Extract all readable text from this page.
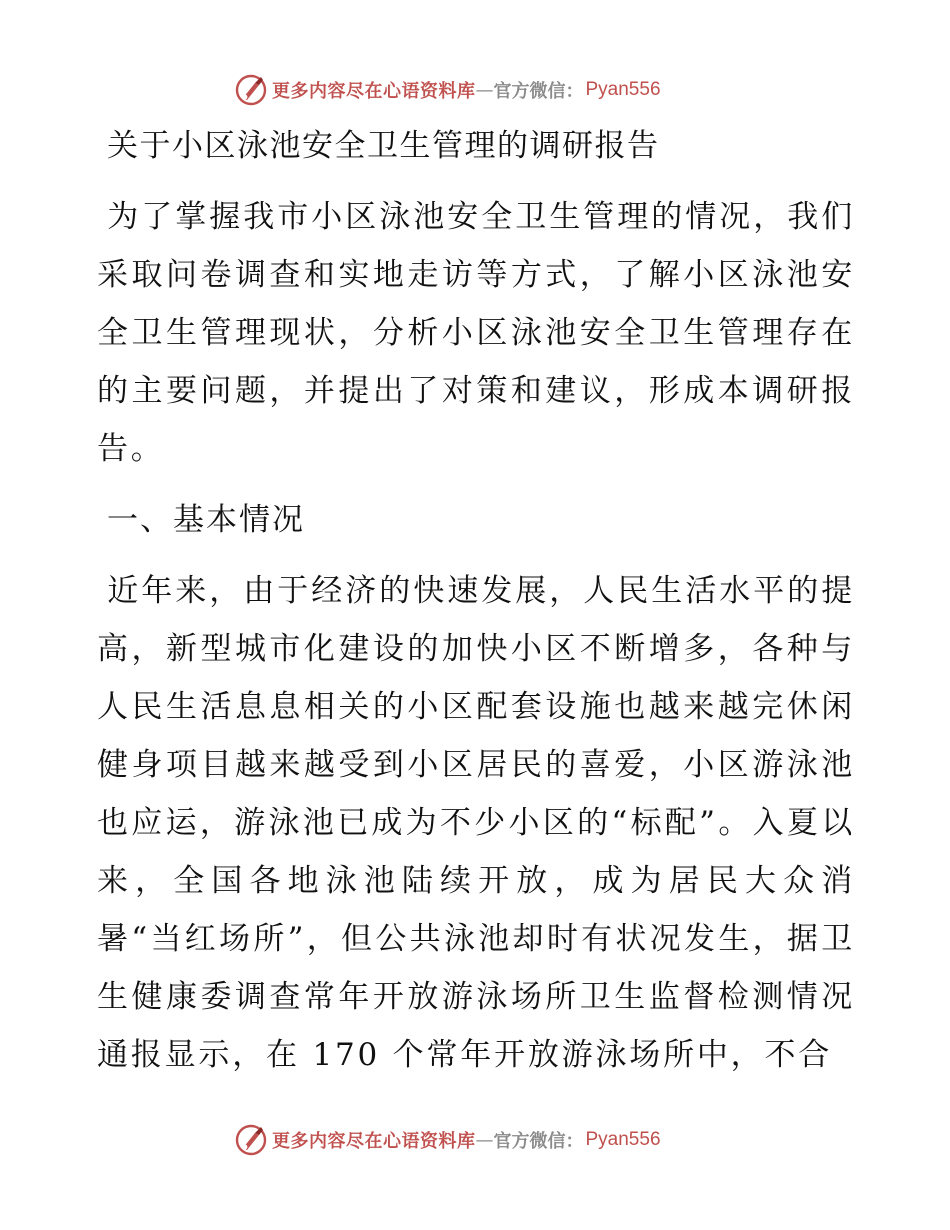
更多内容尽在心语资料库 — 官方微信： Pyan556
关于小区泳池安全卫生管理的调研报告

为了掌握我市小区泳池安全卫生管理的情况，我们采取问卷调查和实地走访等方式，了解小区泳池安全卫生管理现状，分析小区泳池安全卫生管理存在的主要问题，并提出了对策和建议，形成本调研报告。

一、基本情况

近年来，由于经济的快速发展，人民生活水平的提高，新型城市化建设的加快小区不断增多，各种与人民生活息息相关的小区配套设施也越来越完休闲健身项目越来越受到小区居民的喜爱，小区游泳池也应运，游泳池已成为不少小区的“标配”。入夏以来，全国各地泳池陆续开放，成为居民大众消暑“当红场所”，但公共泳池却时有状况发生，据卫生健康委调查常年开放游泳场所卫生监督检测情况通报显示，在 170 个常年开放游泳场所中，不合

更多内容尽在心语资料库 — 官方微信： Pyan556
